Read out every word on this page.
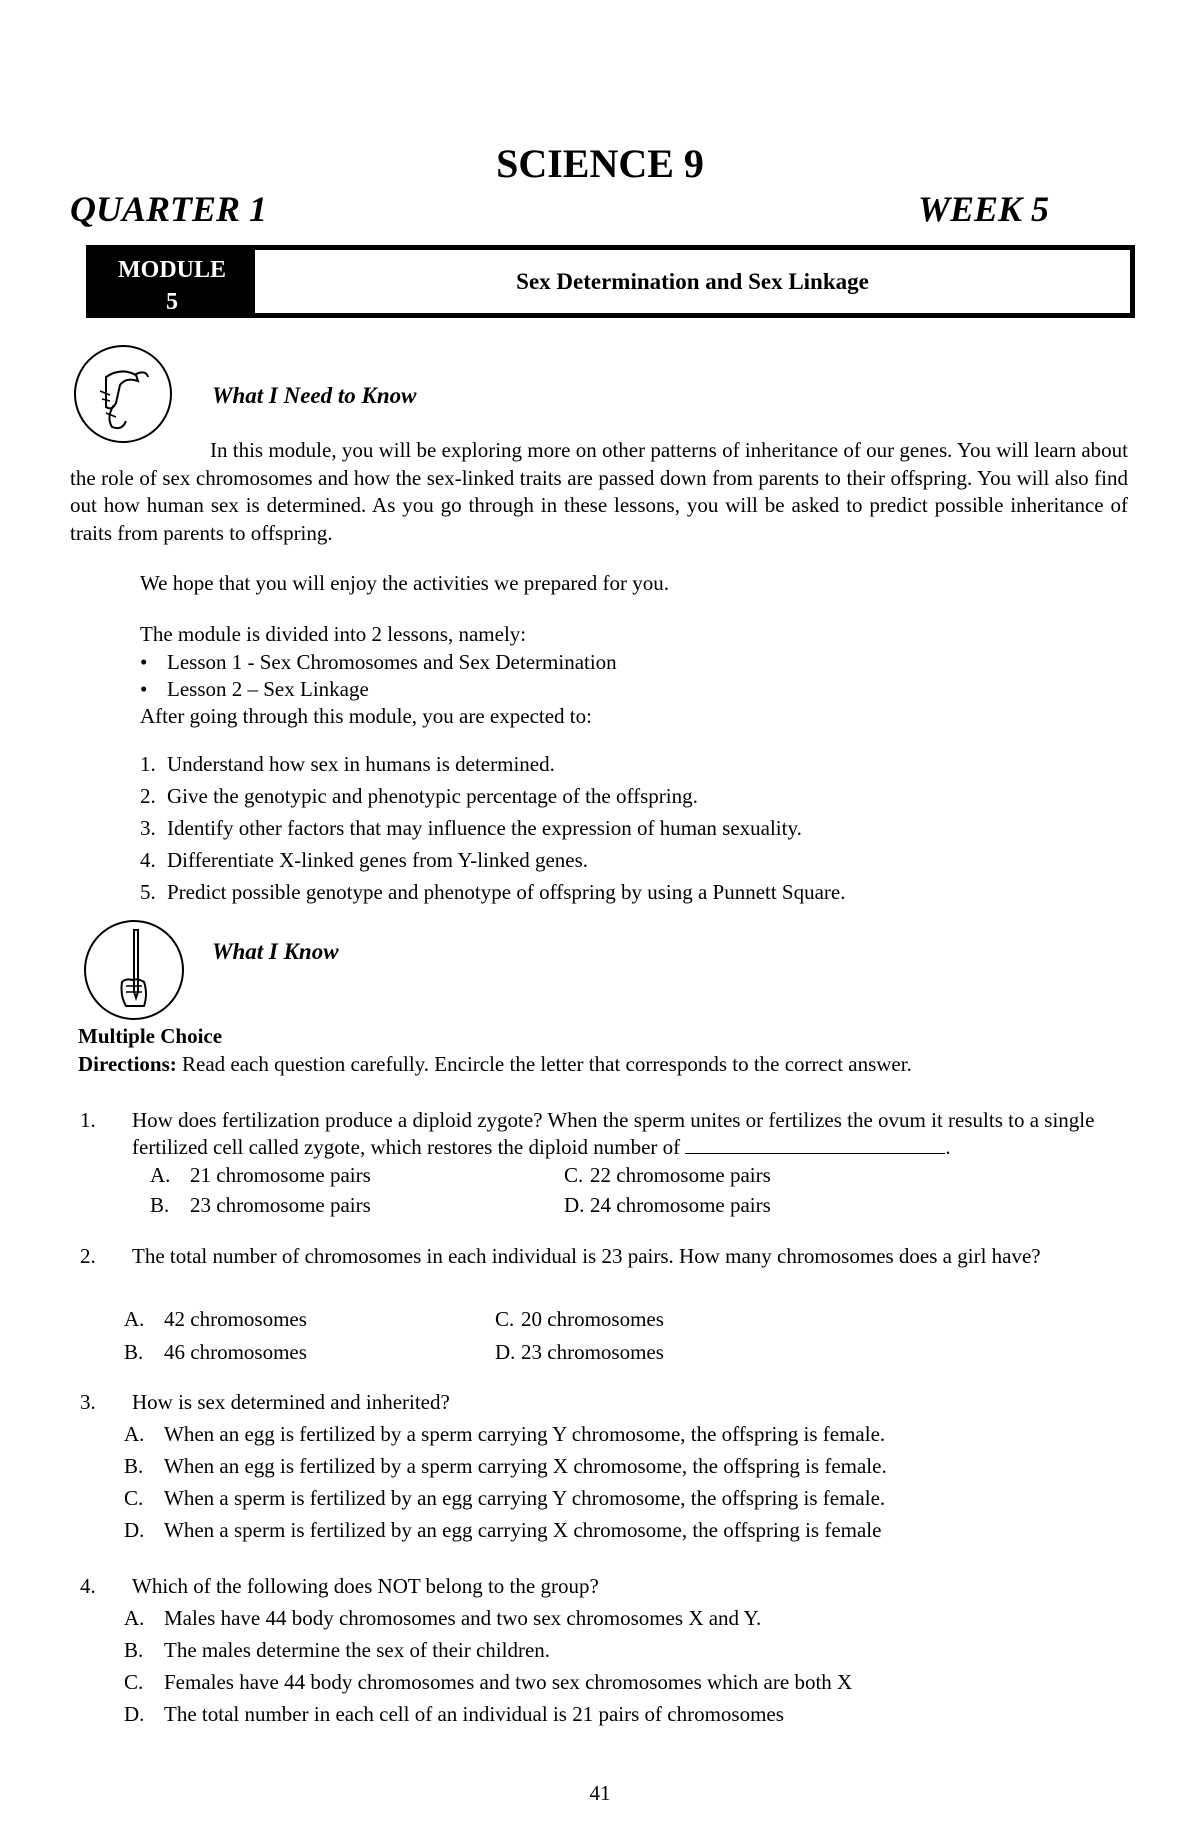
SCIENCE 9
QUARTER 1	WEEK 5
MODULE
5
Sex Determination and Sex Linkage
What I Need to Know
In this module, you will be exploring more on other patterns of inheritance of our genes. You will learn about the role of sex chromosomes and how the sex-linked traits are passed down from parents to their offspring. You will also find out how human sex is determined. As you go through in these lessons, you will be asked to predict possible inheritance of traits from parents to offspring.
We hope that you will enjoy the activities we prepared for you.
The module is divided into 2 lessons, namely:
• Lesson 1 - Sex Chromosomes and Sex Determination
• Lesson 2 – Sex Linkage
After going through this module, you are expected to:
1. Understand how sex in humans is determined.
2. Give the genotypic and phenotypic percentage of the offspring.
3. Identify other factors that may influence the expression of human sexuality.
4. Differentiate X-linked genes from Y-linked genes.
5. Predict possible genotype and phenotype of offspring by using a Punnett Square.
What I Know
Multiple Choice
Directions: Read each question carefully. Encircle the letter that corresponds to the correct answer.
1.	How does fertilization produce a diploid zygote? When the sperm unites or fertilizes the ovum it results to a single fertilized cell called zygote, which restores the diploid number of	.
A. 21 chromosome pairs	C. 22 chromosome pairs
B. 23 chromosome pairs	D. 24 chromosome pairs
2.	The total number of chromosomes in each individual is 23 pairs. How many chromosomes does a girl have?
A. 42 chromosomes	C. 20 chromosomes
B. 46 chromosomes	D. 23 chromosomes
3.	How is sex determined and inherited?
A. When an egg is fertilized by a sperm carrying Y chromosome, the offspring is female.
B. When an egg is fertilized by a sperm carrying X chromosome, the offspring is female.
C. When a sperm is fertilized by an egg carrying Y chromosome, the offspring is female.
D. When a sperm is fertilized by an egg carrying X chromosome, the offspring is female
4.	Which of the following does NOT belong to the group?
A. Males have 44 body chromosomes and two sex chromosomes X and Y.
B. The males determine the sex of their children.
C. Females have 44 body chromosomes and two sex chromosomes which are both X
D. The total number in each cell of an individual is 21 pairs of chromosomes
41
